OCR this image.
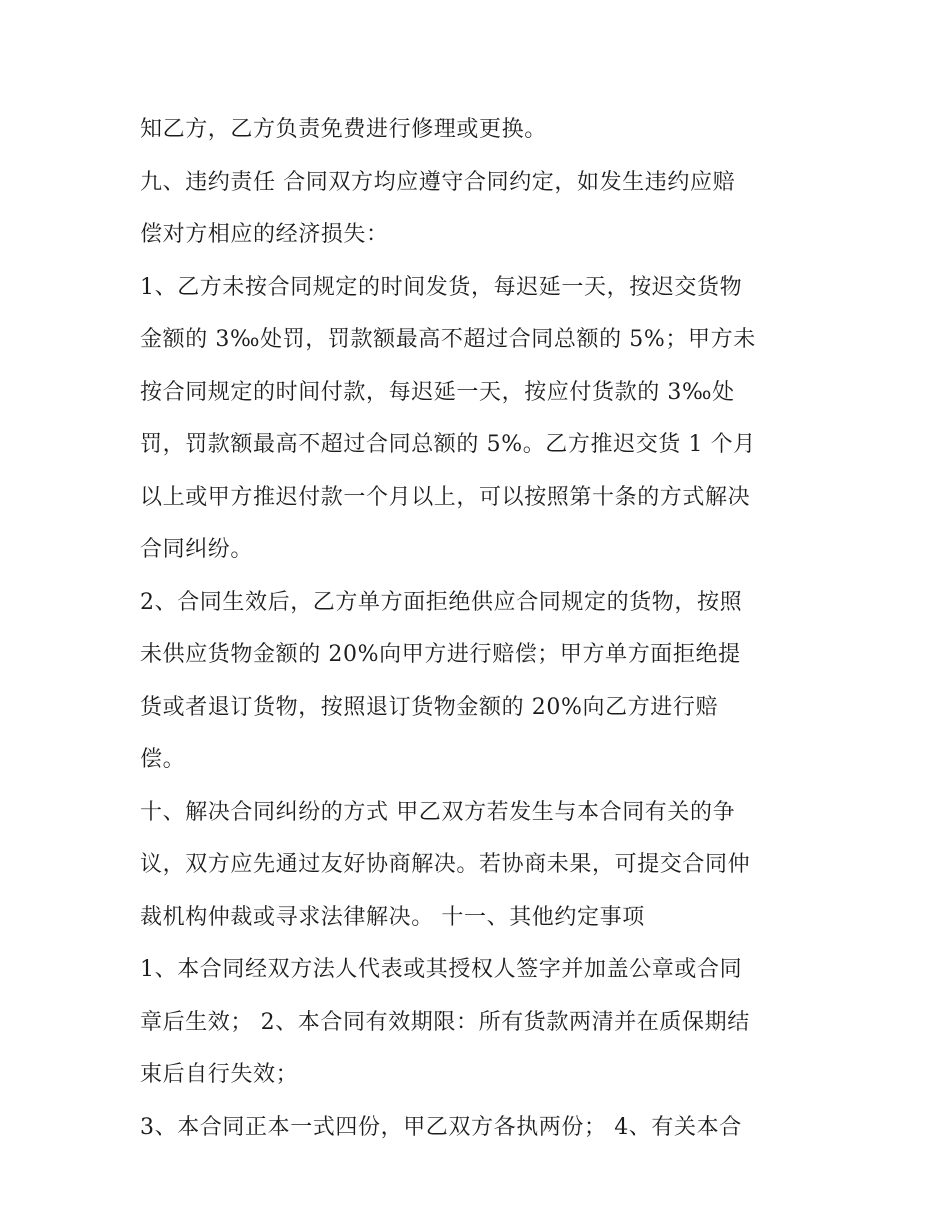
知乙方，乙方负责免费进行修理或更换。

九、违约责任 合同双方均应遵守合同约定，如发生违约应赔

偿对方相应的经济损失：

1、乙方未按合同规定的时间发货，每迟延一天，按迟交货物

金额的 3‰处罚，罚款额最高不超过合同总额的 5%；甲方未

按合同规定的时间付款，每迟延一天，按应付货款的 3‰处

罚，罚款额最高不超过合同总额的 5%。乙方推迟交货 1 个月

以上或甲方推迟付款一个月以上，可以按照第十条的方式解决

合同纠纷。

2、合同生效后，乙方单方面拒绝供应合同规定的货物，按照

未供应货物金额的 20%向甲方进行赔偿；甲方单方面拒绝提

货或者退订货物，按照退订货物金额的 20%向乙方进行赔

偿。

十、解决合同纠纷的方式 甲乙双方若发生与本合同有关的争

议，双方应先通过友好协商解决。若协商未果，可提交合同仲

裁机构仲裁或寻求法律解决。 十一、其他约定事项

1、本合同经双方法人代表或其授权人签字并加盖公章或合同

章后生效； 2、本合同有效期限：所有货款两清并在质保期结

束后自行失效；

3、本合同正本一式四份，甲乙双方各执两份； 4、有关本合
